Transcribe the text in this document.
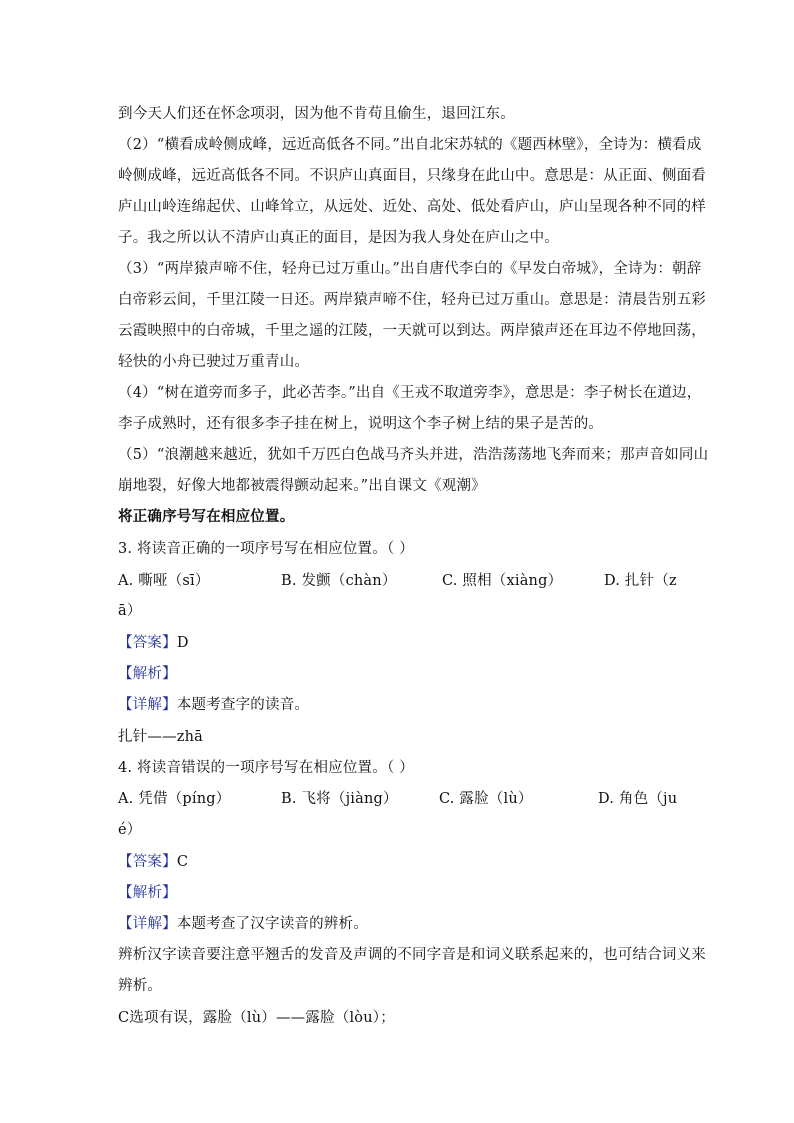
到今天人们还在怀念项羽，因为他不肯苟且偷生，退回江东。
（2）“横看成岭侧成峰，远近高低各不同。”出自北宋苏轼的《题西林壁》，全诗为：横看成
岭侧成峰，远近高低各不同。不识庐山真面目，只缘身在此山中。意思是：从正面、侧面看
庐山山岭连绵起伏、山峰耸立，从远处、近处、高处、低处看庐山，庐山呈现各种不同的样
子。我之所以认不清庐山真正的面目，是因为我人身处在庐山之中。
（3）“两岸猿声啼不住，轻舟已过万重山。”出自唐代李白的《早发白帝城》，全诗为：朝辞
白帝彩云间，千里江陵一日还。两岸猿声啼不住，轻舟已过万重山。意思是：清晨告别五彩
云霞映照中的白帝城，千里之遥的江陵，一天就可以到达。两岸猿声还在耳边不停地回荡，
轻快的小舟已驶过万重青山。
（4）“树在道旁而多子，此必苦李。”出自《王戎不取道旁李》，意思是：李子树长在道边，
李子成熟时，还有很多李子挂在树上，说明这个李子树上结的果子是苦的。
（5）“浪潮越来越近，犹如千万匹白色战马齐头并进，浩浩荡荡地飞奔而来；那声音如同山
崩地裂，好像大地都被震得颤动起来。”出自课文《观潮》
将正确序号写在相应位置。
3. 将读音正确的一项序号写在相应位置。（ ）
A. 嘶哑（sī）	B. 发颤（chàn）	C. 照相（xiàng）	D. 扎针（z
ā）
【答案】D
【解析】
【详解】本题考查字的读音。
扎针——zhā
4. 将读音错误的一项序号写在相应位置。（ ）
A. 凭借（píng）	B. 飞将（jiàng）	C. 露脸（lù）	D. 角色（ju
é）
【答案】C
【解析】
【详解】本题考查了汉字读音的辨析。
辨析汉字读音要注意平翘舌的发音及声调的不同字音是和词义联系起来的，也可结合词义来
辨析。
C选项有误，露脸（lù）——露脸（lòu）；
